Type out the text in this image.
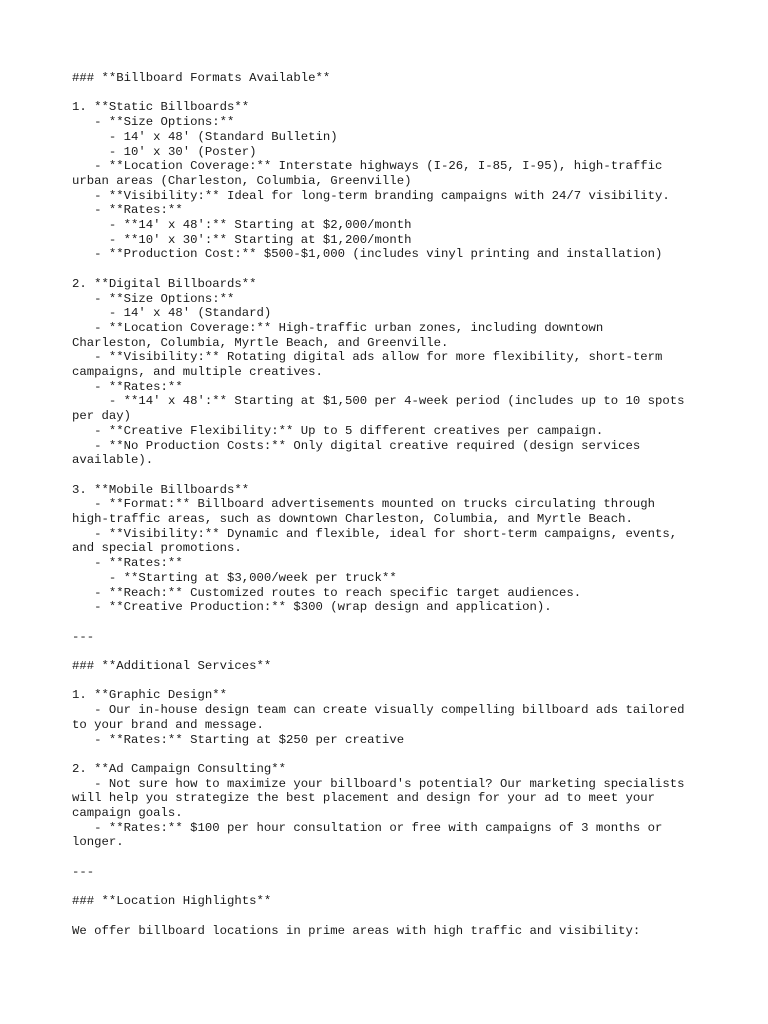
### **Billboard Formats Available**
1. **Static Billboards**
- **Size Options:**
- 14' x 48' (Standard Bulletin)
- 10' x 30' (Poster)
- **Location Coverage:** Interstate highways (I-26, I-85, I-95), high-traffic
urban areas (Charleston, Columbia, Greenville)
- **Visibility:** Ideal for long-term branding campaigns with 24/7 visibility.
- **Rates:**
- **14' x 48':** Starting at $2,000/month
- **10' x 30':** Starting at $1,200/month
- **Production Cost:** $500-$1,000 (includes vinyl printing and installation)
2. **Digital Billboards**
- **Size Options:**
- 14' x 48' (Standard)
- **Location Coverage:** High-traffic urban zones, including downtown
Charleston, Columbia, Myrtle Beach, and Greenville.
- **Visibility:** Rotating digital ads allow for more flexibility, short-term
campaigns, and multiple creatives.
- **Rates:**
- **14' x 48':** Starting at $1,500 per 4-week period (includes up to 10 spots
per day)
- **Creative Flexibility:** Up to 5 different creatives per campaign.
- **No Production Costs:** Only digital creative required (design services
available).
3. **Mobile Billboards**
- **Format:** Billboard advertisements mounted on trucks circulating through
high-traffic areas, such as downtown Charleston, Columbia, and Myrtle Beach.
- **Visibility:** Dynamic and flexible, ideal for short-term campaigns, events,
and special promotions.
- **Rates:**
- **Starting at $3,000/week per truck**
- **Reach:** Customized routes to reach specific target audiences.
- **Creative Production:** $300 (wrap design and application).
---
### **Additional Services**
1. **Graphic Design**
- Our in-house design team can create visually compelling billboard ads tailored
to your brand and message.
- **Rates:** Starting at $250 per creative
2. **Ad Campaign Consulting**
- Not sure how to maximize your billboard's potential? Our marketing specialists
will help you strategize the best placement and design for your ad to meet your
campaign goals.
- **Rates:** $100 per hour consultation or free with campaigns of 3 months or
longer.
---
### **Location Highlights**
We offer billboard locations in prime areas with high traffic and visibility:
